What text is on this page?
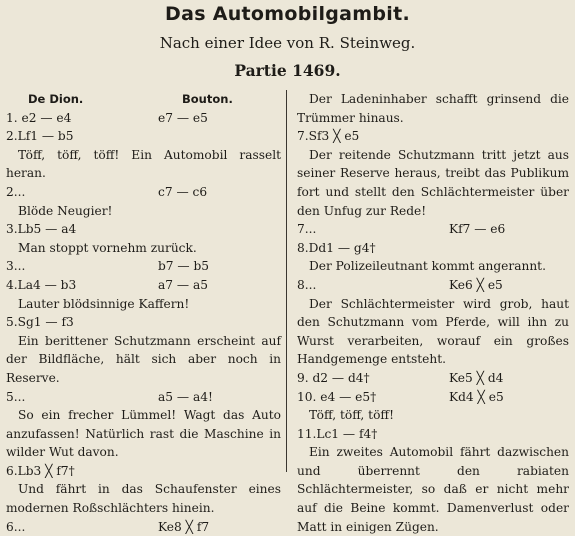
Das Automobilgambit.
Nach einer Idee von R. Steinweg.
Partie 1469.
De Dion.	Bouton.
1. e2 — e4	e7 — e5
2.Lf1 — b5
Töff, töff, töff! Ein Automobil rasselt heran.
2...	c7 — c6
Blöde Neugier!
3.Lb5 — a4
Man stoppt vornehm zurück.
3...	b7 — b5
4.La4 — b3	a7 — a5
Lauter blödsinnige Kaffern!
5.Sg1 — f3
Ein berittener Schutzmann erscheint auf der Bildfläche, hält sich aber noch in Reserve.
5...	a5 — a4!
So ein frecher Lümmel! Wagt das Auto anzufassen! Natürlich rast die Maschine in wilder Wut davon.
6.Lb3 ╳ f7†
Und fährt in das Schaufenster eines modernen Roßschlächters hinein.
6...	Ke8 ╳ f7
Der Ladeninhaber schafft grinsend die Trümmer hinaus.
7.Sf3 ╳ e5
Der reitende Schutzmann tritt jetzt aus seiner Reserve heraus, treibt das Publikum fort und stellt den Schlächtermeister über den Unfug zur Rede!
7...	Kf7 — e6
8.Dd1 — g4†
Der Polizeileutnant kommt angerannt.
8...	Ke6 ╳ e5
Der Schlächtermeister wird grob, haut den Schutzmann vom Pferde, will ihn zu Wurst verarbeiten, worauf ein großes Handgemenge entsteht.
9. d2 — d4†	Ke5 ╳ d4
10. e4 — e5†	Kd4 ╳ e5
Töff, töff, töff!
11.Lc1 — f4†
Ein zweites Automobil fährt dazwischen und überrennt den rabiaten Schlächtermeister, so daß er nicht mehr auf die Beine kommt. Damenverlust oder Matt in einigen Zügen.
